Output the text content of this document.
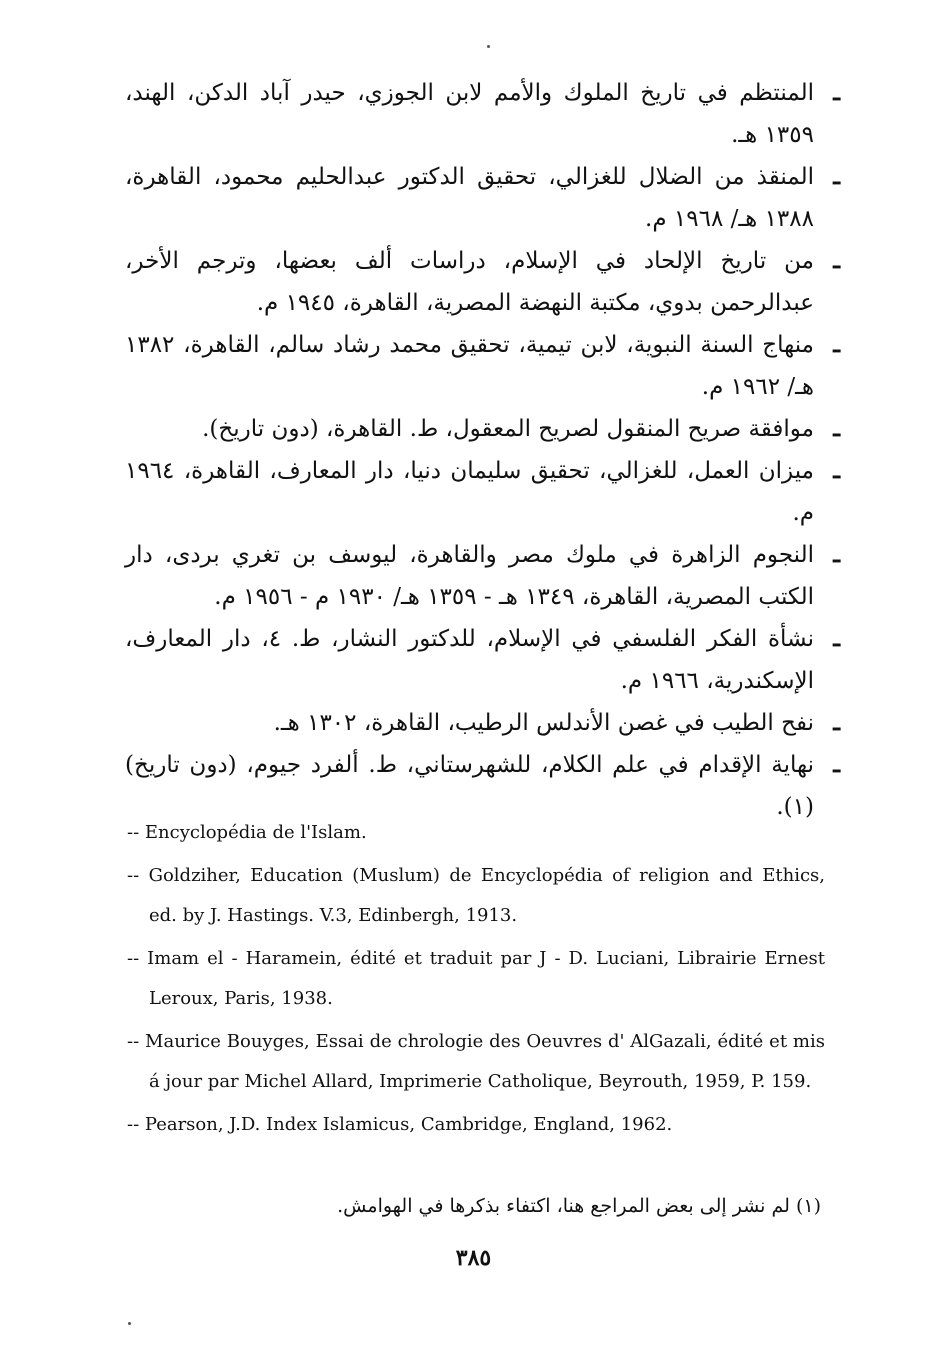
ـ
المنتظم في تاريخ الملوك والأمم لابن الجوزي، حيدر آباد الدكن، الهند، ١٣٥٩ هـ.

ـ
المنقذ من الضلال للغزالي، تحقيق الدكتور عبدالحليم محمود، القاهرة، ١٣٨٨ هـ/ ١٩٦٨ م.

ـ
من تاريخ الإلحاد في الإسلام، دراسات ألف بعضها، وترجم الأخر، عبدالرحمن بدوي، مكتبة النهضة المصرية، القاهرة، ١٩٤٥ م.

ـ
منهاج السنة النبوية، لابن تيمية، تحقيق محمد رشاد سالم، القاهرة، ١٣٨٢ هـ/ ١٩٦٢ م.

ـ
موافقة صريح المنقول لصريح المعقول، ط. القاهرة، (دون تاريخ).

ـ
ميزان العمل، للغزالي، تحقيق سليمان دنيا، دار المعارف، القاهرة، ١٩٦٤ م.

ـ
النجوم الزاهرة في ملوك مصر والقاهرة، ليوسف بن تغري بردى، دار الكتب المصرية، القاهرة، ١٣٤٩ هـ - ١٣٥٩ هـ/ ١٩٣٠ م - ١٩٥٦ م.

ـ
نشأة الفكر الفلسفي في الإسلام، للدكتور النشار، ط. ٤، دار المعارف، الإسكندرية، ١٩٦٦ م.

ـ
نفح الطيب في غصن الأندلس الرطيب، القاهرة، ١٣٠٢ هـ.

ـ
نهاية الإقدام في علم الكلام، للشهرستاني، ط. ألفرد جيوم، (دون تاريخ)(١).

-- Encyclopédia de l'Islam.

-- Goldziher, Education (Muslum) de Encyclopédia of religion and Ethics, ed. by J. Hastings. V.3, Edinbergh, 1913.

-- Imam el - Haramein, édité et traduit par J - D. Luciani, Librairie Ernest Leroux, Paris, 1938.

-- Maurice Bouyges, Essai de chrologie des Oeuvres d' AlGazali, édité et mis á jour par Michel Allard, Imprimerie Catholique, Beyrouth, 1959, P. 159.

-- Pearson, J.D. Index Islamicus, Cambridge, England, 1962.

(١) لم نشر إلى بعض المراجع هنا، اكتفاء بذكرها في الهوامش.
٣٨٥
